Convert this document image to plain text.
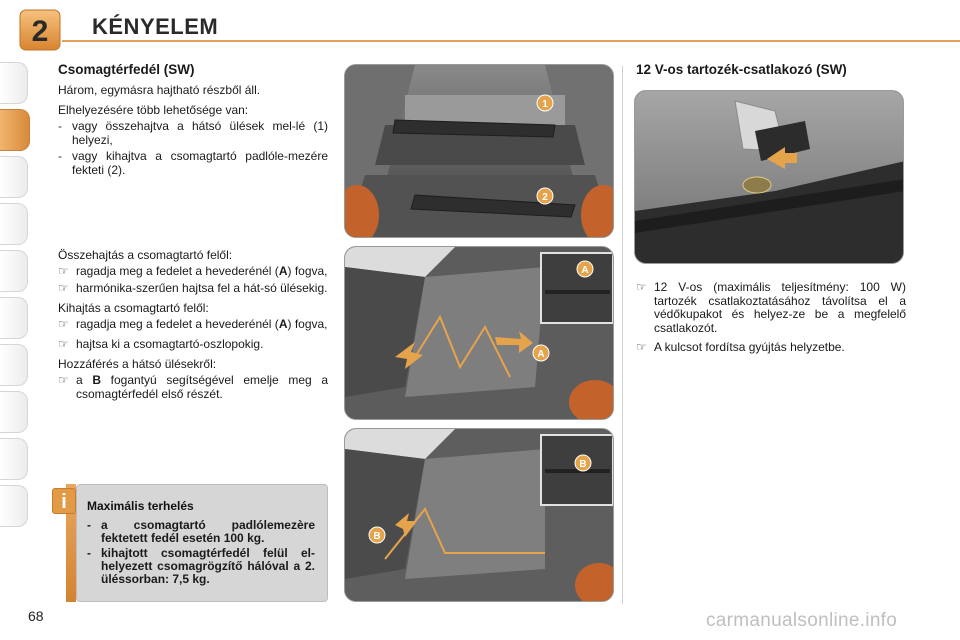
2 KÉNYELEM
Csomagtérfedél (SW)
Három, egymásra hajtható részből áll.
Elhelyezésére több lehetősége van:
- vagy összehajtva a hátsó ülések mel-lé (1) helyezi,
- vagy kihajtva a csomagtartó padlóle-mezére fekteti (2).
Összehajtás a csomagtartó felől:
☞ ragadja meg a fedelet a hevederénél (A) fogva,
☞ harmónika-szerűen hajtsa fel a hát-só ülésekig.
Kihajtás a csomagtartó felől:
☞ ragadja meg a fedelet a hevederénél (A) fogva,
☞ hajtsa ki a csomagtartó-oszlopokig.
Hozzáférés a hátsó ülésekről:
☞ a B fogantyú segítségével emelje meg a csomagtérfedél első részét.
i	Maximális terhelés
- a csomagtartó padlólemezère fektetett fedél esetén 100 kg.
- kihajtott csomagtérfedél felül el-helyezett csomagrögzítő hálóval a 2. üléssorban: 7,5 kg.
1
2
A
A
B
B
12 V-os tartozék-csatlakozó (SW)
☞ 12 V-os (maximális teljesítmény: 100 W) tartozék csatlakoztatásához távolítsa el a védőkupakot és helyez-ze be a megfelelő csatlakozót.
☞ A kulcsot fordítsa gyújtás helyzetbe.
68	carmanualsonline.info
